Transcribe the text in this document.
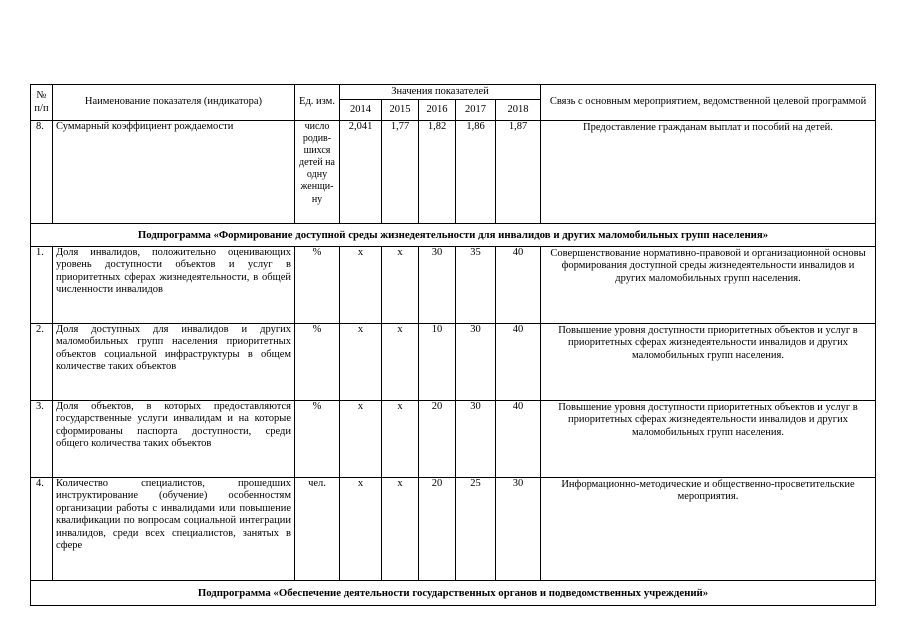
№ п/п	Наименование показателя (индикатора)	Ед. изм.	Значения показателей					Связь с основным мероприятием, ведомственной целевой программой
			2014	2015	2016	2017	2018	
8.	Суммарный коэффициент рождаемости	число родив-шихся детей на одну женщи-ну	2,041	1,77	1,82	1,86	1,87	Предоставление гражданам выплат и пособий на детей.
Подпрограмма «Формирование доступной среды жизнедеятельности для инвалидов и других маломобильных групп населения»								
1.	Доля инвалидов, положительно оценивающих уровень доступности объектов и услуг в приоритетных сферах жизнедеятельности, в общей численности инвалидов	%	x	x	30	35	40	Совершенствование нормативно-правовой и организационной основы формирования доступной среды жизнедеятельности инвалидов и других маломобильных групп населения.
2.	Доля доступных для инвалидов и других маломобильных групп населения приоритетных объектов социальной инфраструктуры в общем количестве таких объектов	%	x	x	10	30	40	Повышение уровня доступности приоритетных объектов и услуг в приоритетных сферах жизнедеятельности инвалидов и других маломобильных групп населения.
3.	Доля объектов, в которых предоставляются государственные услуги инвалидам и на которые сформированы паспорта доступности, среди общего количества таких объектов	%	x	x	20	30	40	Повышение уровня доступности приоритетных объектов и услуг в приоритетных сферах жизнедеятельности инвалидов и других маломобильных групп населения.
4.	Количество специалистов, прошедших инструктирование (обучение) особенностям организации работы с инвалидами или повышение квалификации по вопросам социальной интеграции инвалидов, среди всех специалистов, занятых в сфере	чел.	x	x	20	25	30	Информационно-методические и общественно-просветительские мероприятия.
Подпрограмма «Обеспечение деятельности государственных органов и подведомственных учреждений»								
